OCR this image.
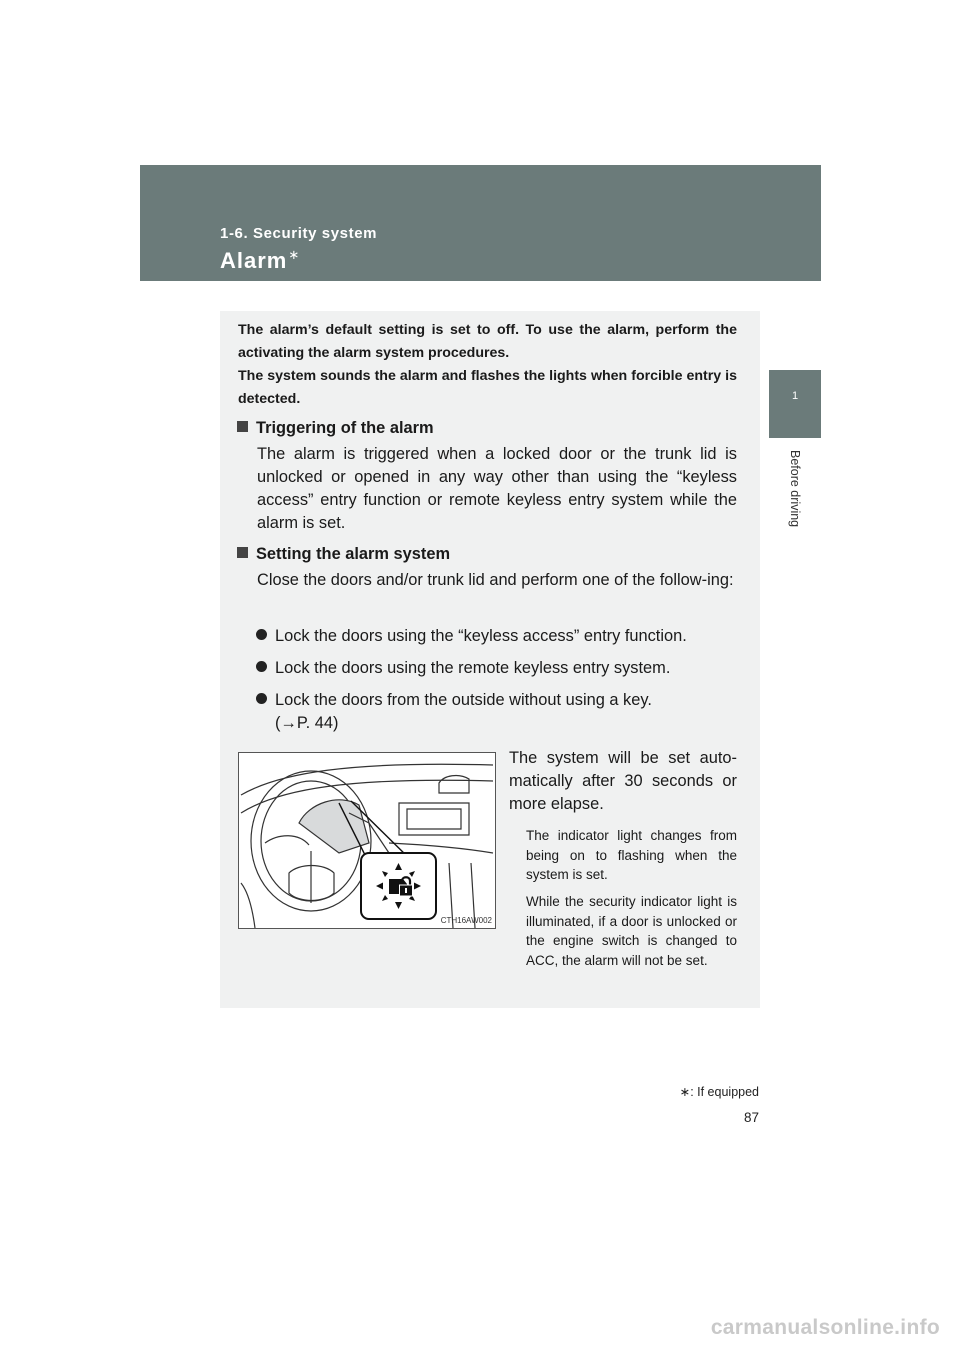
1-6. Security system
Alarm∗
1
Before driving

The alarm’s default setting is set to off. To use the alarm, perform the activating the alarm system procedures.

The system sounds the alarm and flashes the lights when forcible entry is detected.

Triggering of the alarm
The alarm is triggered when a locked door or the trunk lid is unlocked or opened in any way other than using the “keyless access” entry function or remote keyless entry system while the alarm is set.
Setting the alarm system
Close the doors and/or trunk lid and perform one of the follow-ing:
Lock the doors using the “keyless access” entry function.
Lock the doors using the remote keyless entry system.
Lock the doors from the outside without using a key.
(→P. 44)
CTH16AW002
The system will be set auto-matically after 30 seconds or more elapse.
The indicator light changes from being on to flashing when the system is set.
While the security indicator light is illuminated, if a door is unlocked or the engine switch is changed to ACC, the alarm will not be set.
∗: If equipped
87
carmanualsonline.info
